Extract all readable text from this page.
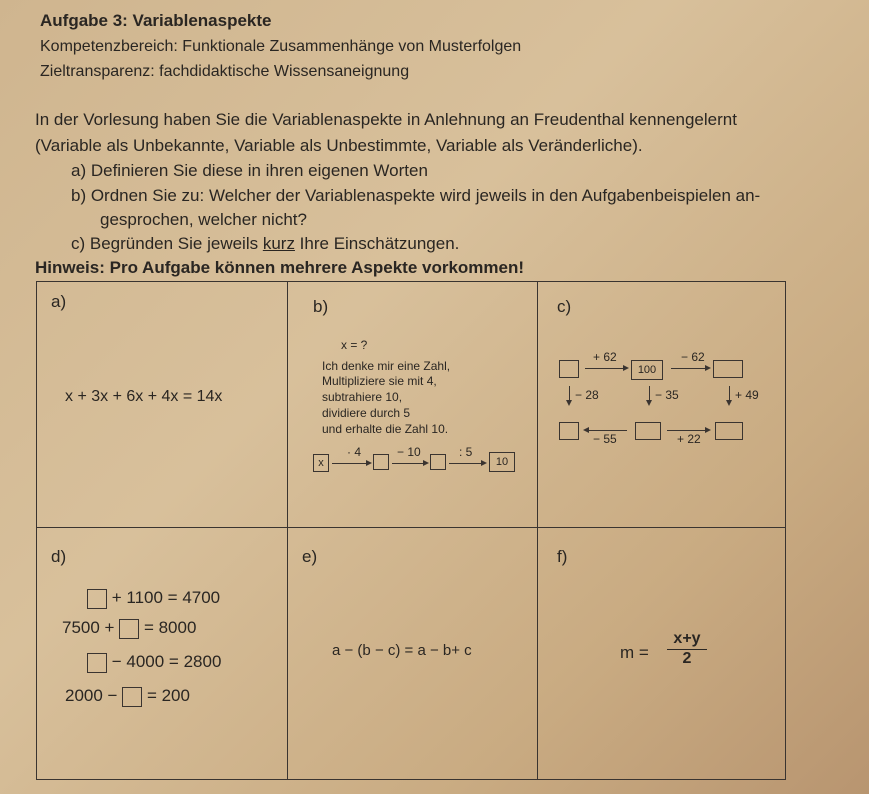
Aufgabe 3: Variablenaspekte
Kompetenzbereich: Funktionale Zusammenhänge von Musterfolgen
Zieltransparenz: fachdidaktische Wissensaneignung
In der Vorlesung haben Sie die Variablenaspekte in Anlehnung an Freudenthal kennengelernt
(Variable als Unbekannte, Variable als Unbestimmte, Variable als Veränderliche).
a) Definieren Sie diese in ihren eigenen Worten
b) Ordnen Sie zu: Welcher der Variablenaspekte wird jeweils in den Aufgabenbeispielen an-
gesprochen, welcher nicht?
c) Begründen Sie jeweils kurz Ihre Einschätzungen.
Hinweis: Pro Aufgabe können mehrere Aspekte vorkommen!
a)
x + 3x + 6x + 4x = 14x
b)
x = ?
Ich denke mir eine Zahl,
Multipliziere sie mit 4,
subtrahiere 10,
dividiere durch 5
und erhalte die Zahl 10.
x
· 4	− 10	: 5
10
c)
+ 62
100
− 62
− 28	− 35	+ 49
− 55	+ 22
d)
+ 1100 = 4700
7500 + = 8000
− 4000 = 2800
2000 − = 200
e)
a − (b − c) = a − b+ c
f)
$m = \frac{x+y}{2}$
